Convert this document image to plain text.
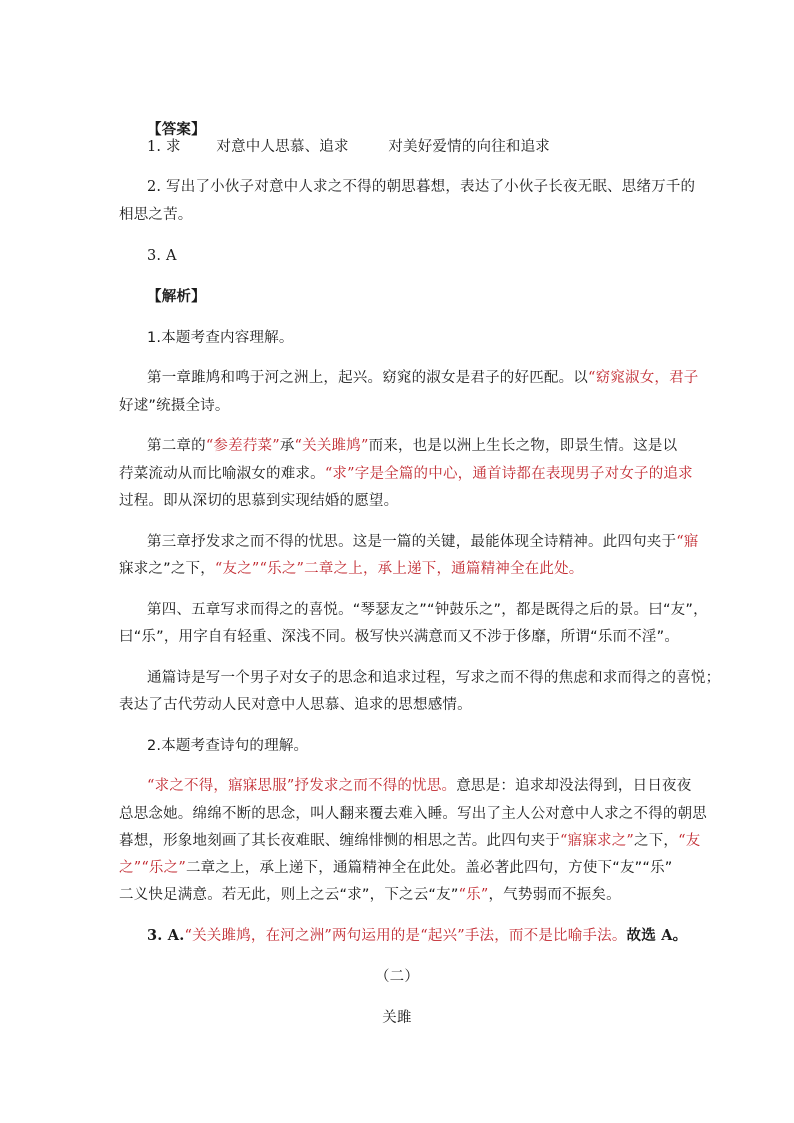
【答案】
1. 求 对意中人思慕、追求	对美好爱情的向往和追求
2. 写出了小伙子对意中人求之不得的朝思暮想，表达了小伙子长夜无眠、思绪万千的
相思之苦。
3. A
【解析】
1.本题考查内容理解。
第一章雎鸠和鸣于河之洲上，起兴。窈窕的淑女是君子的好匹配。以“窈窕淑女，君子
好逑”统摄全诗。
第二章的“参差荇菜”承“关关雎鸠”而来，也是以洲上生长之物，即景生情。这是以
荇菜流动从而比喻淑女的难求。“求”字是全篇的中心，通首诗都在表现男子对女子的追求
过程。即从深切的思慕到实现结婚的愿望。
第三章抒发求之而不得的忧思。这是一篇的关键，最能体现全诗精神。此四句夹于“寤
寐求之”之下，“友之”“乐之”二章之上，承上递下，通篇精神全在此处。
第四、五章写求而得之的喜悦。“琴瑟友之”“钟鼓乐之”，都是既得之后的景。曰“友”，
曰“乐”，用字自有轻重、深浅不同。极写快兴满意而又不涉于侈靡，所谓“乐而不淫”。
通篇诗是写一个男子对女子的思念和追求过程，写求之而不得的焦虑和求而得之的喜悦；
表达了古代劳动人民对意中人思慕、追求的思想感情。
2.本题考查诗句的理解。
“求之不得，寤寐思服”抒发求之而不得的忧思。意思是：追求却没法得到，日日夜夜
总思念她。绵绵不断的思念，叫人翻来覆去难入睡。写出了主人公对意中人求之不得的朝思
暮想，形象地刻画了其长夜难眠、缠绵悱恻的相思之苦。此四句夹于“寤寐求之”之下，“友
之”“乐之”二章之上，承上递下，通篇精神全在此处。盖必著此四句，方使下“友”“乐”
二义快足满意。若无此，则上之云“求”，下之云“友”“乐”，气势弱而不振矣。
3. A.“关关雎鸠，在河之洲”两句运用的是“起兴”手法，而不是比喻手法。故选 A。
（二）
关雎
